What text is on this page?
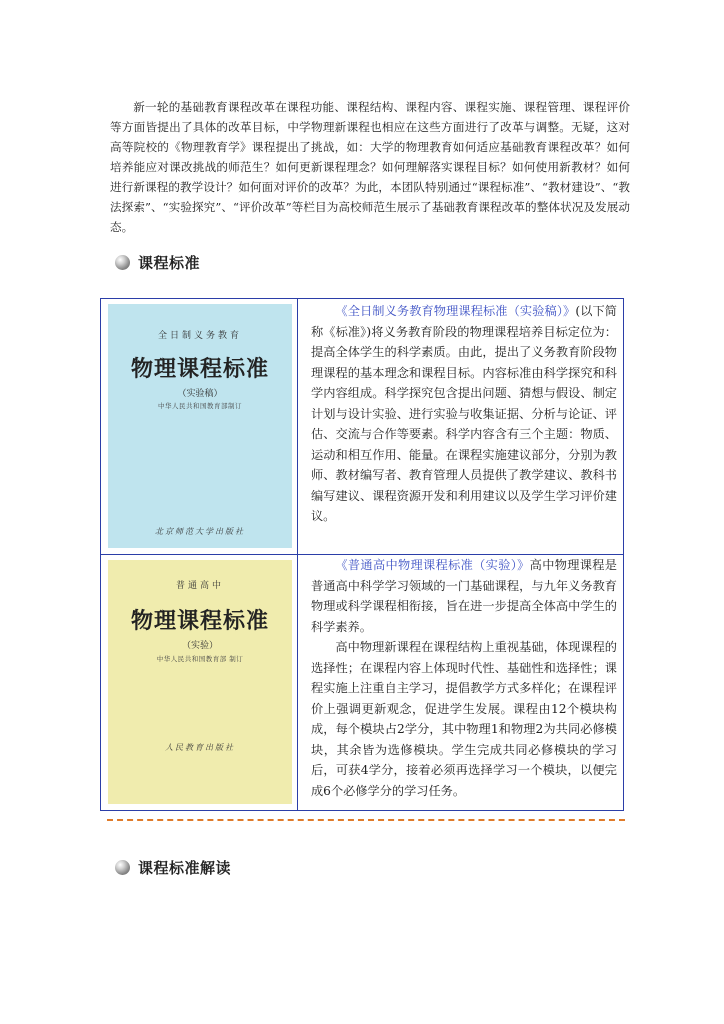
新一轮的基础教育课程改革在课程功能、课程结构、课程内容、课程实施、课程管理、课程评价等方面皆提出了具体的改革目标，中学物理新课程也相应在这些方面进行了改革与调整。无疑，这对高等院校的《物理教育学》课程提出了挑战，如：大学的物理教育如何适应基础教育课程改革？如何培养能应对课改挑战的师范生？如何更新课程理念？如何理解落实课程目标？如何使用新教材？如何进行新课程的教学设计？如何面对评价的改革？为此，本团队特别通过“课程标准”、“教材建设”、“教法探索”、“实验探究”、“评价改革”等栏目为高校师范生展示了基础教育课程改革的整体状况及发展动态。

课程标准
全日制义务教育
物理课程标准
（实验稿）
中华人民共和国教育部制订
北京师范大学出版社
《全日制义务教育物理课程标准（实验稿）》(以下简称《标准》)将义务教育阶段的物理课程培养目标定位为：提高全体学生的科学素质。由此，提出了义务教育阶段物理课程的基本理念和课程目标。内容标准由科学探究和科学内容组成。科学探究包含提出问题、猜想与假设、制定计划与设计实验、进行实验与收集证据、分析与论证、评估、交流与合作等要素。科学内容含有三个主题：物质、运动和相互作用、能量。在课程实施建议部分，分别为教师、教材编写者、教育管理人员提供了教学建议、教科书编写建议、课程资源开发和利用建议以及学生学习评价建议。
普通高中
物理课程标准
（实验）
中华人民共和国教育部 制订
人民教育出版社
《普通高中物理课程标准（实验）》高中物理课程是普通高中科学学习领域的一门基础课程，与九年义务教育物理或科学课程相衔接，旨在进一步提高全体高中学生的科学素养。
高中物理新课程在课程结构上重视基础，体现课程的选择性；在课程内容上体现时代性、基础性和选择性；课程实施上注重自主学习，提倡教学方式多样化；在课程评价上强调更新观念，促进学生发展。课程由12个模块构成，每个模块占2学分，其中物理1和物理2为共同必修模块，其余皆为选修模块。学生完成共同必修模块的学习后，可获4学分，接着必须再选择学习一个模块，以便完成6个必修学分的学习任务。
课程标准解读
